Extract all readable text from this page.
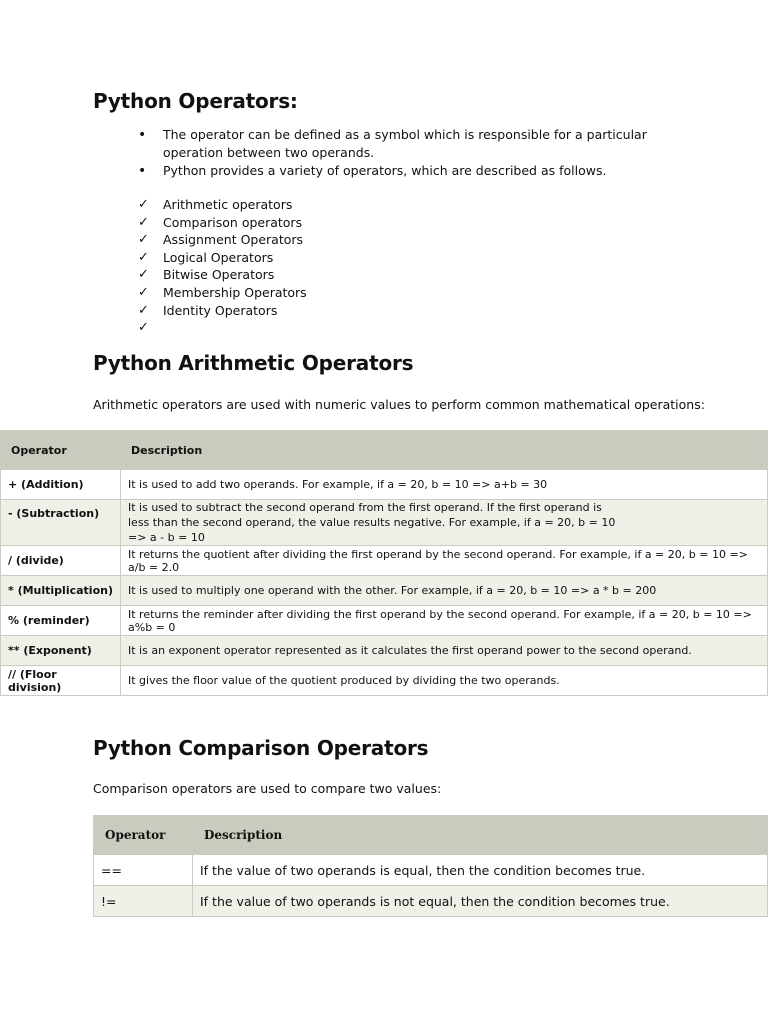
Python Operators:
• The operator can be defined as a symbol which is responsible for a particular operation between two operands.
• Python provides a variety of operators, which are described as follows.
✓ Arithmetic operators
✓ Comparison operators
✓ Assignment Operators
✓ Logical Operators
✓ Bitwise Operators
✓ Membership Operators
✓ Identity Operators
✓
Python Arithmetic Operators
Arithmetic operators are used with numeric values to perform common mathematical operations:
Operator	Description
+ (Addition)	It is used to add two operands. For example, if a = 20, b = 10 => a+b = 30
- (Subtraction)	It is used to subtract the second operand from the first operand. If the first operand is less than the second operand, the value results negative. For example, if a = 20, b = 10 => a - b = 10
/ (divide)	It returns the quotient after dividing the first operand by the second operand. For example, if a = 20, b = 10 => a/b = 2.0
* (Multiplication)	It is used to multiply one operand with the other. For example, if a = 20, b = 10 => a * b = 200
% (reminder)	It returns the reminder after dividing the first operand by the second operand. For example, if a = 20, b = 10 => a%b = 0
** (Exponent)	It is an exponent operator represented as it calculates the first operand power to the second operand.
// (Floor division)	It gives the floor value of the quotient produced by dividing the two operands.
Python Comparison Operators
Comparison operators are used to compare two values:
Operator	Description
==	If the value of two operands is equal, then the condition becomes true.
!=	If the value of two operands is not equal, then the condition becomes true.
